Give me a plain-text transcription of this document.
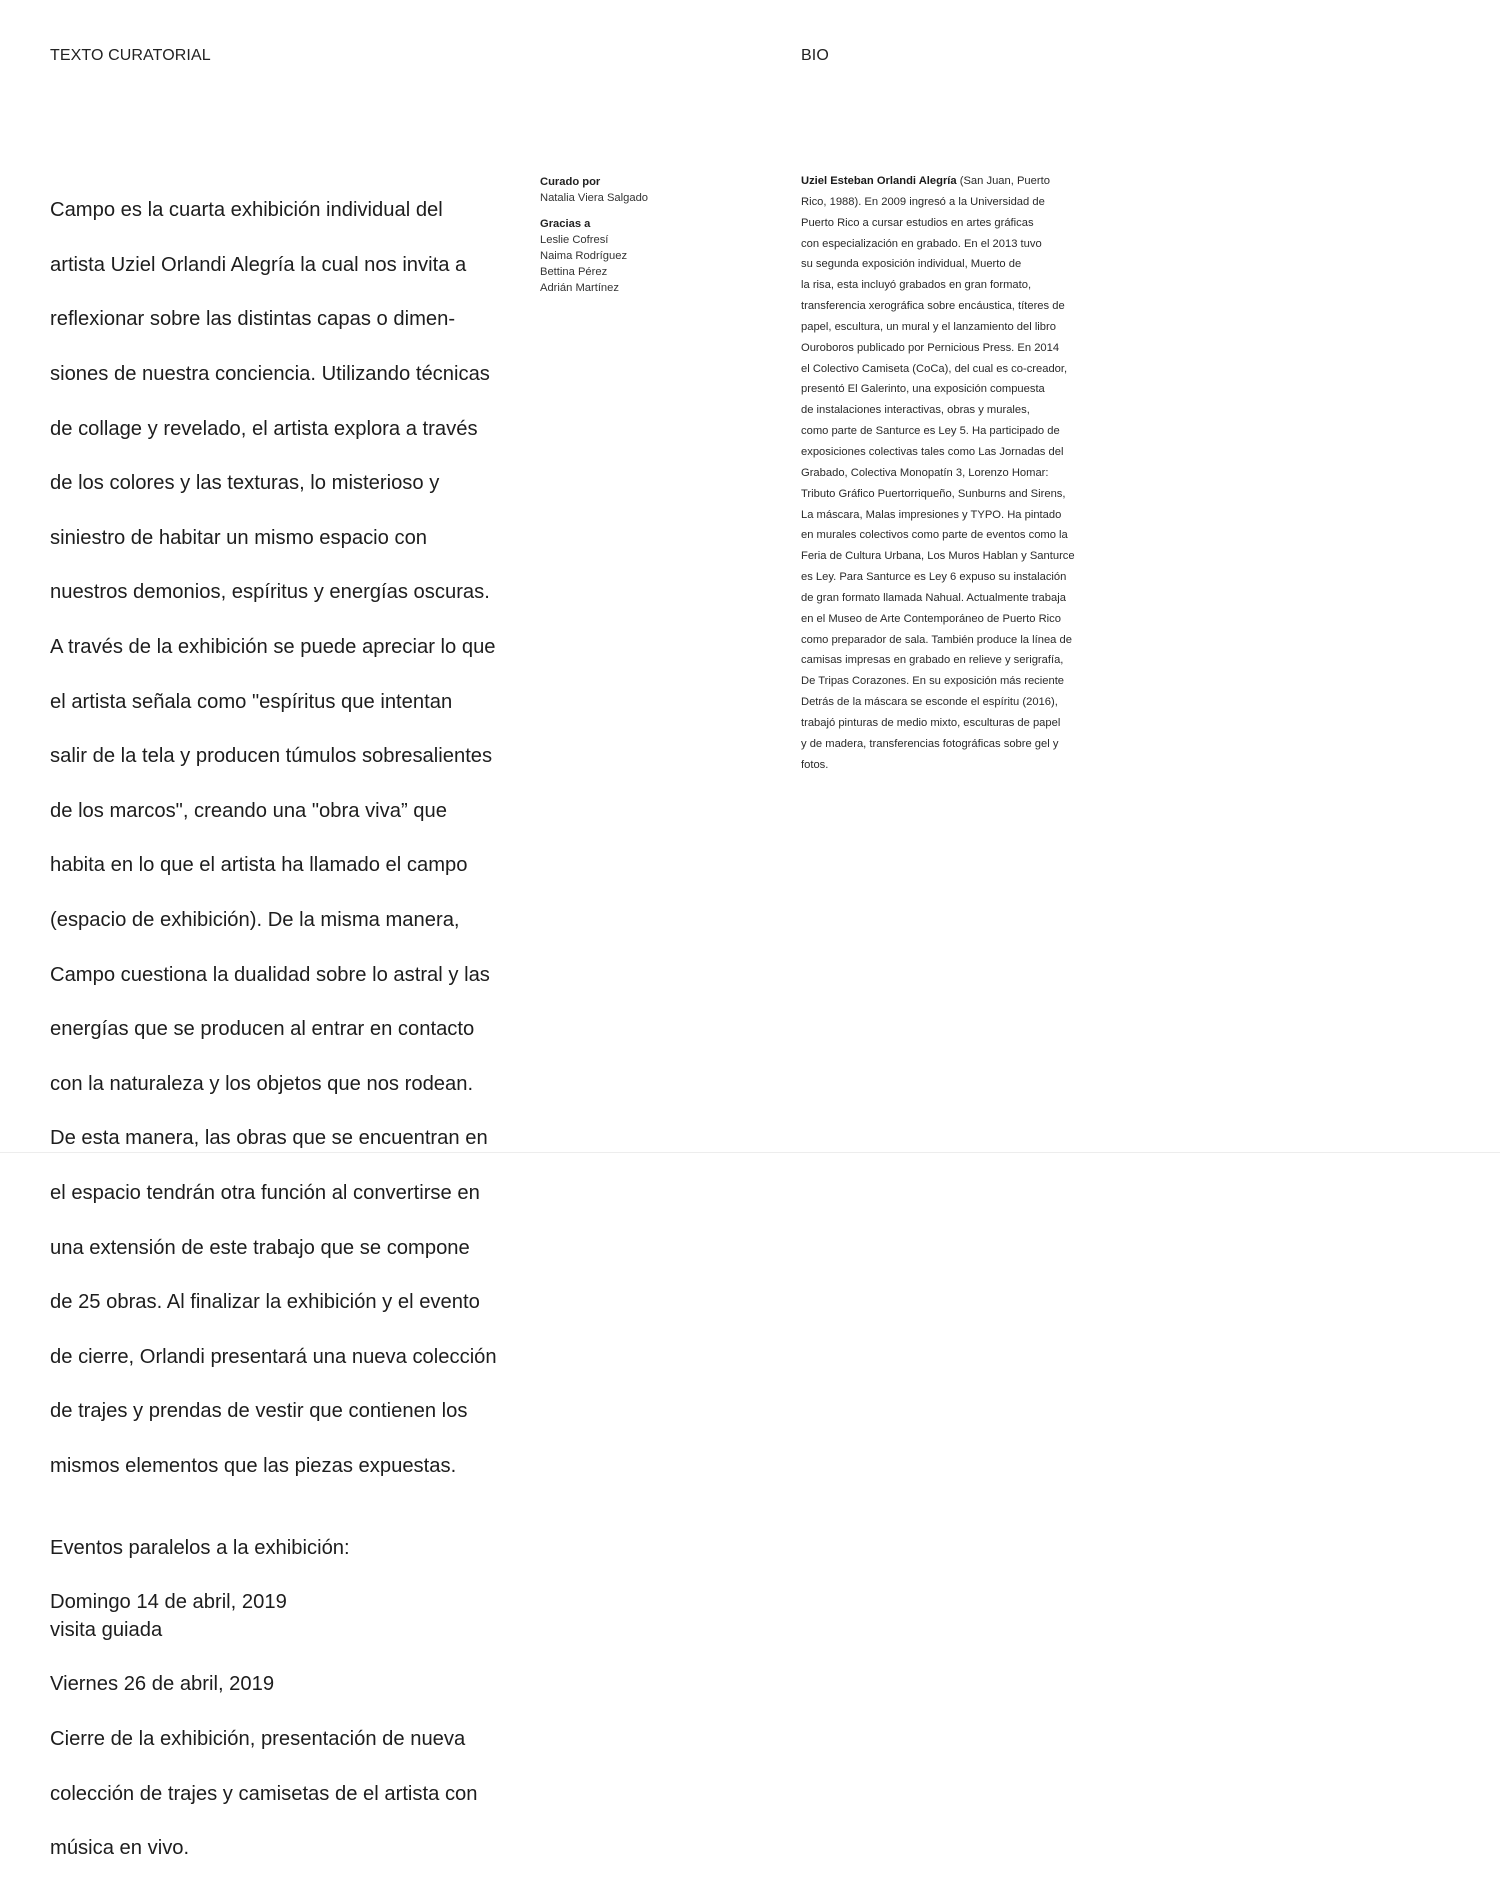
TEXTO CURATORIAL	BIO

Campo es la cuarta exhibición individual del

artista Uziel Orlandi Alegría la cual nos invita a

reflexionar sobre las distintas capas o dimen-

siones de nuestra conciencia. Utilizando técnicas

de collage y revelado, el artista explora a través

de los colores y las texturas, lo misterioso y

siniestro de habitar un mismo espacio con

nuestros demonios, espíritus y energías oscuras.

A través de la exhibición se puede apreciar lo que

el artista señala como "espíritus que intentan

salir de la tela y producen túmulos sobresalientes

de los marcos", creando una "obra viva” que

habita en lo que el artista ha llamado el campo

(espacio de exhibición). De la misma manera,

Campo cuestiona la dualidad sobre lo astral y las

energías que se producen al entrar en contacto

con la naturaleza y los objetos que nos rodean.

De esta manera, las obras que se encuentran en

el espacio tendrán otra función al convertirse en

una extensión de este trabajo que se compone

de 25 obras. Al finalizar la exhibición y el evento

de cierre, Orlandi presentará una nueva colección

de trajes y prendas de vestir que contienen los

mismos elementos que las piezas expuestas.

Eventos paralelos a la exhibición:

Domingo 14 de abril, 2019

visita guiada

Viernes 26 de abril, 2019

Cierre de la exhibición, presentación de nueva

colección de trajes y camisetas de el artista con

música en vivo.

Curado por
Natalia Viera Salgado
Gracias a
Leslie Cofresí
Naima Rodríguez
Bettina Pérez
Adrián Martínez
Uziel Esteban Orlandi Alegría (San Juan, Puerto
Rico, 1988). En 2009 ingresó a la Universidad de
Puerto Rico a cursar estudios en artes gráficas
con especialización en grabado. En el 2013 tuvo
su segunda exposición individual, Muerto de
la risa, esta incluyó grabados en gran formato,
transferencia xerográfica sobre encáustica, títeres de
papel, escultura, un mural y el lanzamiento del libro
Ouroboros publicado por Pernicious Press. En 2014
el Colectivo Camiseta (CoCa), del cual es co-creador,
presentó El Galerinto, una exposición compuesta
de instalaciones interactivas, obras y murales,
como parte de Santurce es Ley 5. Ha participado de
exposiciones colectivas tales como Las Jornadas del
Grabado, Colectiva Monopatín 3, Lorenzo Homar:
Tributo Gráfico Puertorriqueño, Sunburns and Sirens,
La máscara, Malas impresiones y TYPO. Ha pintado
en murales colectivos como parte de eventos como la
Feria de Cultura Urbana, Los Muros Hablan y Santurce
es Ley. Para Santurce es Ley 6 expuso su instalación
de gran formato llamada Nahual. Actualmente trabaja
en el Museo de Arte Contemporáneo de Puerto Rico
como preparador de sala. También produce la línea de
camisas impresas en grabado en relieve y serigrafía,
De Tripas Corazones. En su exposición más reciente
Detrás de la máscara se esconde el espíritu (2016),
trabajó pinturas de medio mixto, esculturas de papel
y de madera, transferencias fotográficas sobre gel y
fotos.
